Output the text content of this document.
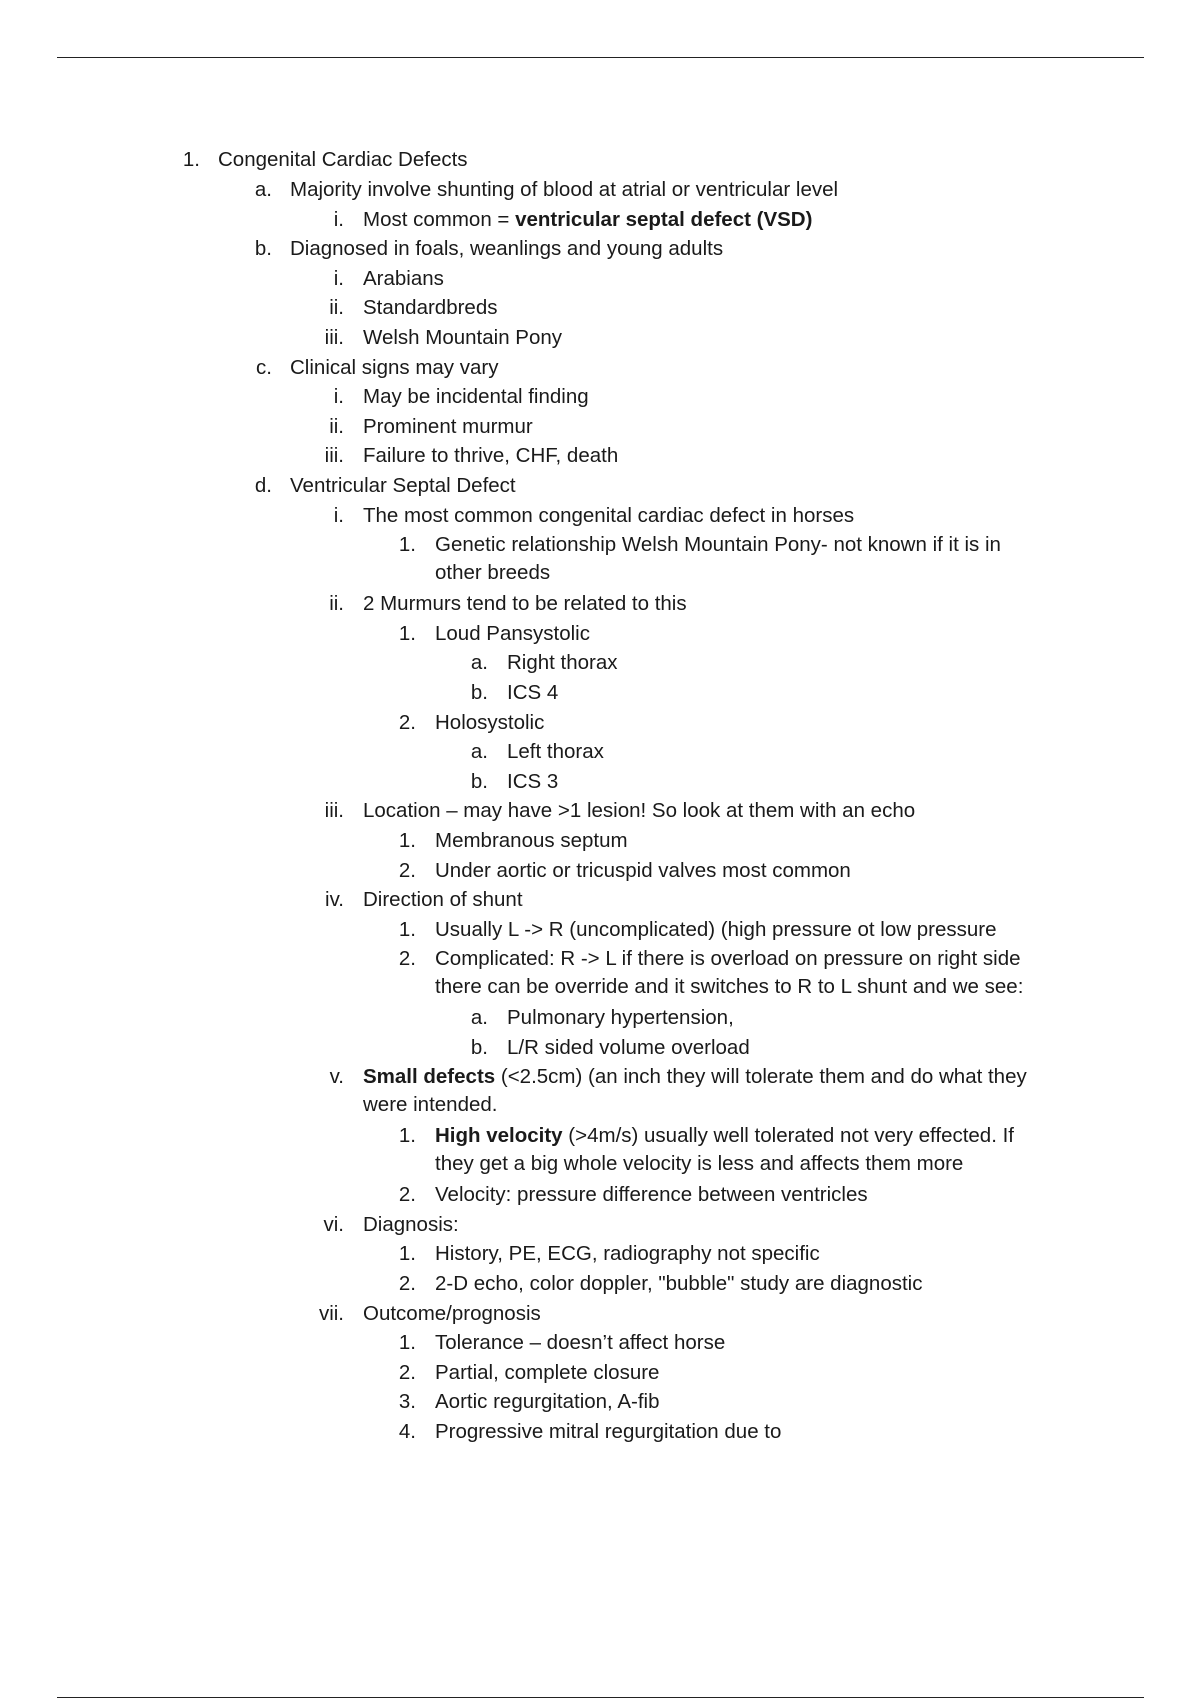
1. Congenital Cardiac Defects
a. Majority involve shunting of blood at atrial or ventricular level
i. Most common = ventricular septal defect (VSD)
b. Diagnosed in foals, weanlings and young adults
i. Arabians
ii. Standardbreds
iii. Welsh Mountain Pony
c. Clinical signs may vary
i. May be incidental finding
ii. Prominent murmur
iii. Failure to thrive, CHF, death
d. Ventricular Septal Defect
i. The most common congenital cardiac defect in horses
1. Genetic relationship Welsh Mountain Pony- not known if it is in
other breeds
ii. 2 Murmurs tend to be related to this
1. Loud Pansystolic
a. Right thorax
b. ICS 4
2. Holosystolic
a. Left thorax
b. ICS 3
iii. Location – may have >1 lesion! So look at them with an echo
1. Membranous septum
2. Under aortic or tricuspid valves most common
iv. Direction of shunt
1. Usually L -> R (uncomplicated) (high pressure ot low pressure
2. Complicated: R -> L if there is overload on pressure on right side
there can be override and it switches to R to L shunt and we see:
a. Pulmonary hypertension,
b. L/R sided volume overload
v. Small defects (<2.5cm) (an inch they will tolerate them and do what they
were intended.
1. High velocity (>4m/s) usually well tolerated not very effected. If
they get a big whole velocity is less and affects them more
2. Velocity: pressure difference between ventricles
vi. Diagnosis:
1. History, PE, ECG, radiography not specific
2. 2-D echo, color doppler, "bubble" study are diagnostic
vii. Outcome/prognosis
1. Tolerance – doesn’t affect horse
2. Partial, complete closure
3. Aortic regurgitation, A-fib
4. Progressive mitral regurgitation due to
